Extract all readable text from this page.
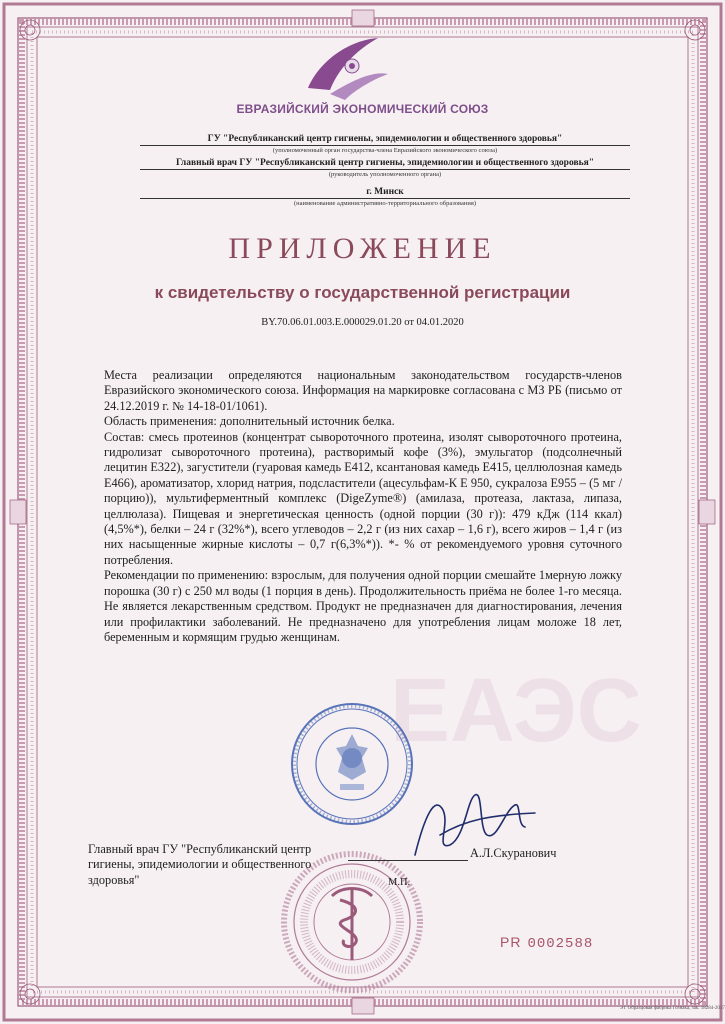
ЕВРАЗИЙСКИЙ ЭКОНОМИЧЕСКИЙ СОЮЗ
ГУ "Республиканский центр гигиены, эпидемиологии и общественного здоровья"
(уполномоченный орган государства-члена Евразийского экономического союза)
Главный врач ГУ "Республиканский центр гигиены, эпидемиологии и общественного здоровья"
(руководитель уполномоченного органа)
г. Минск
(наименование административно-территориального образования)
ПРИЛОЖЕНИЕ
к свидетельству о государственной регистрации
BY.70.06.01.003.Е.000029.01.20 от 04.01.2020
ЕАЭС

Места реализации определяются национальным законодательством государств-членов Евразийского экономического союза. Информация на маркировке согласована с МЗ РБ (письмо от 24.12.2019 г. № 14-18-01/1061).

Область применения: дополнительный источник белка.

Состав: смесь протеинов (концентрат сывороточного протеина, изолят сывороточного протеина, гидролизат сывороточного протеина), растворимый кофе (3%), эмульгатор (подсолнечный лецитин Е322), загустители (гуаровая камедь Е412, ксантановая камедь Е415, целлюлозная камедь Е466), ароматизатор, хлорид натрия, подсластители (ацесульфам-К Е 950, сукралоза Е955 – (5 мг / порцию)), мультиферментный комплекс (DigeZyme®) (амилаза, протеаза, лактаза, липаза, целлюлаза). Пищевая и энергетическая ценность (одной порции (30 г)): 479 кДж (114 ккал) (4,5%*), белки – 24 г (32%*), всего углеводов – 2,2 г (из них сахар – 1,6 г), всего жиров – 1,4 г (из них насыщенные жирные кислоты – 0,7 г(6,3%*)). *- % от рекомендуемого уровня суточного потребления.

Рекомендации по применению: взрослым, для получения одной порции смешайте 1мерную ложку порошка (30 г) с 250 мл воды (1 порция в день). Продолжительность приёма не более 1-го месяца. Не является лекарственным средством. Продукт не предназначен для диагностирования, лечения или профилактики заболеваний. Не предназначено для употребления лицам моложе 18 лет, беременным и кормящим грудью женщинам.

Главный врач ГУ "Республиканский центр гигиены, эпидемиологии и общественного здоровья"
А.Л.Скуранович
М.П.
PR 0002588
ЭТ Образцовая фабрика Гознака, зак. 18284-2017
